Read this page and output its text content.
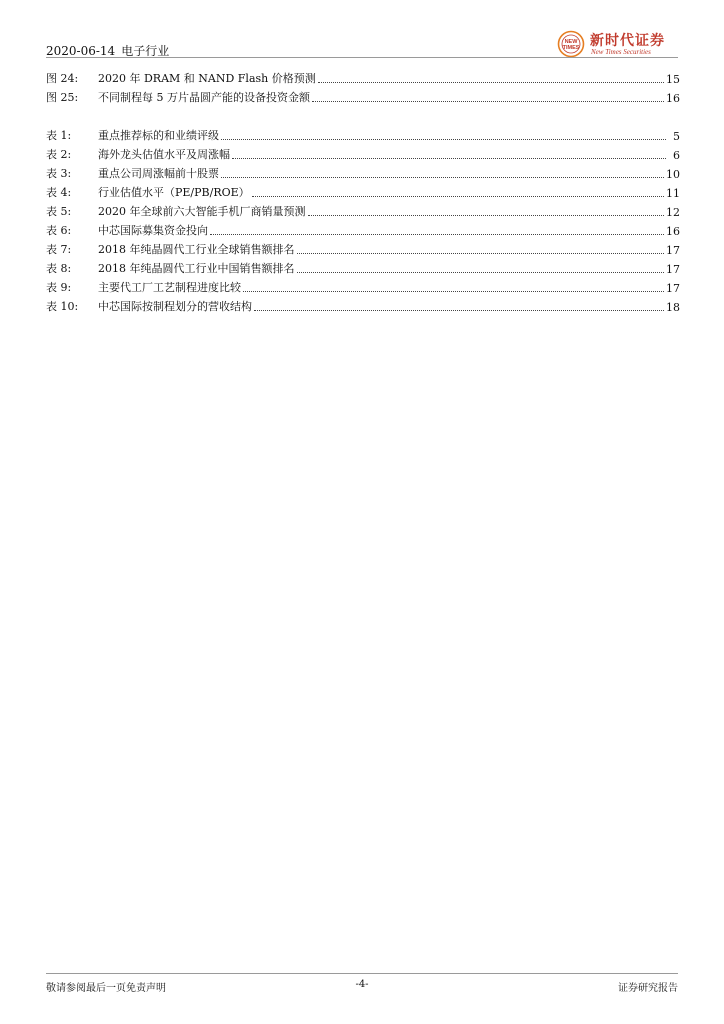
2020-06-14 电子行业
NEW
TIMES 新时代证券
New Times Securities
图 24:	2020 年 DRAM 和 NAND Flash 价格预测	15
图 25:	不同制程每 5 万片晶圆产能的设备投资金额	16
表 1:	重点推荐标的和业绩评级	5
表 2:	海外龙头估值水平及周涨幅	6
表 3:	重点公司周涨幅前十股票	10
表 4:	行业估值水平（PE/PB/ROE）	11
表 5:	2020 年全球前六大智能手机厂商销量预测	12
表 6:	中芯国际募集资金投向	16
表 7:	2018 年纯晶圆代工行业全球销售额排名	17
表 8:	2018 年纯晶圆代工行业中国销售额排名	17
表 9:	主要代工厂工艺制程进度比较	17
表 10:	中芯国际按制程划分的营收结构	18
敬请参阅最后一页免责声明	-4-	证券研究报告
